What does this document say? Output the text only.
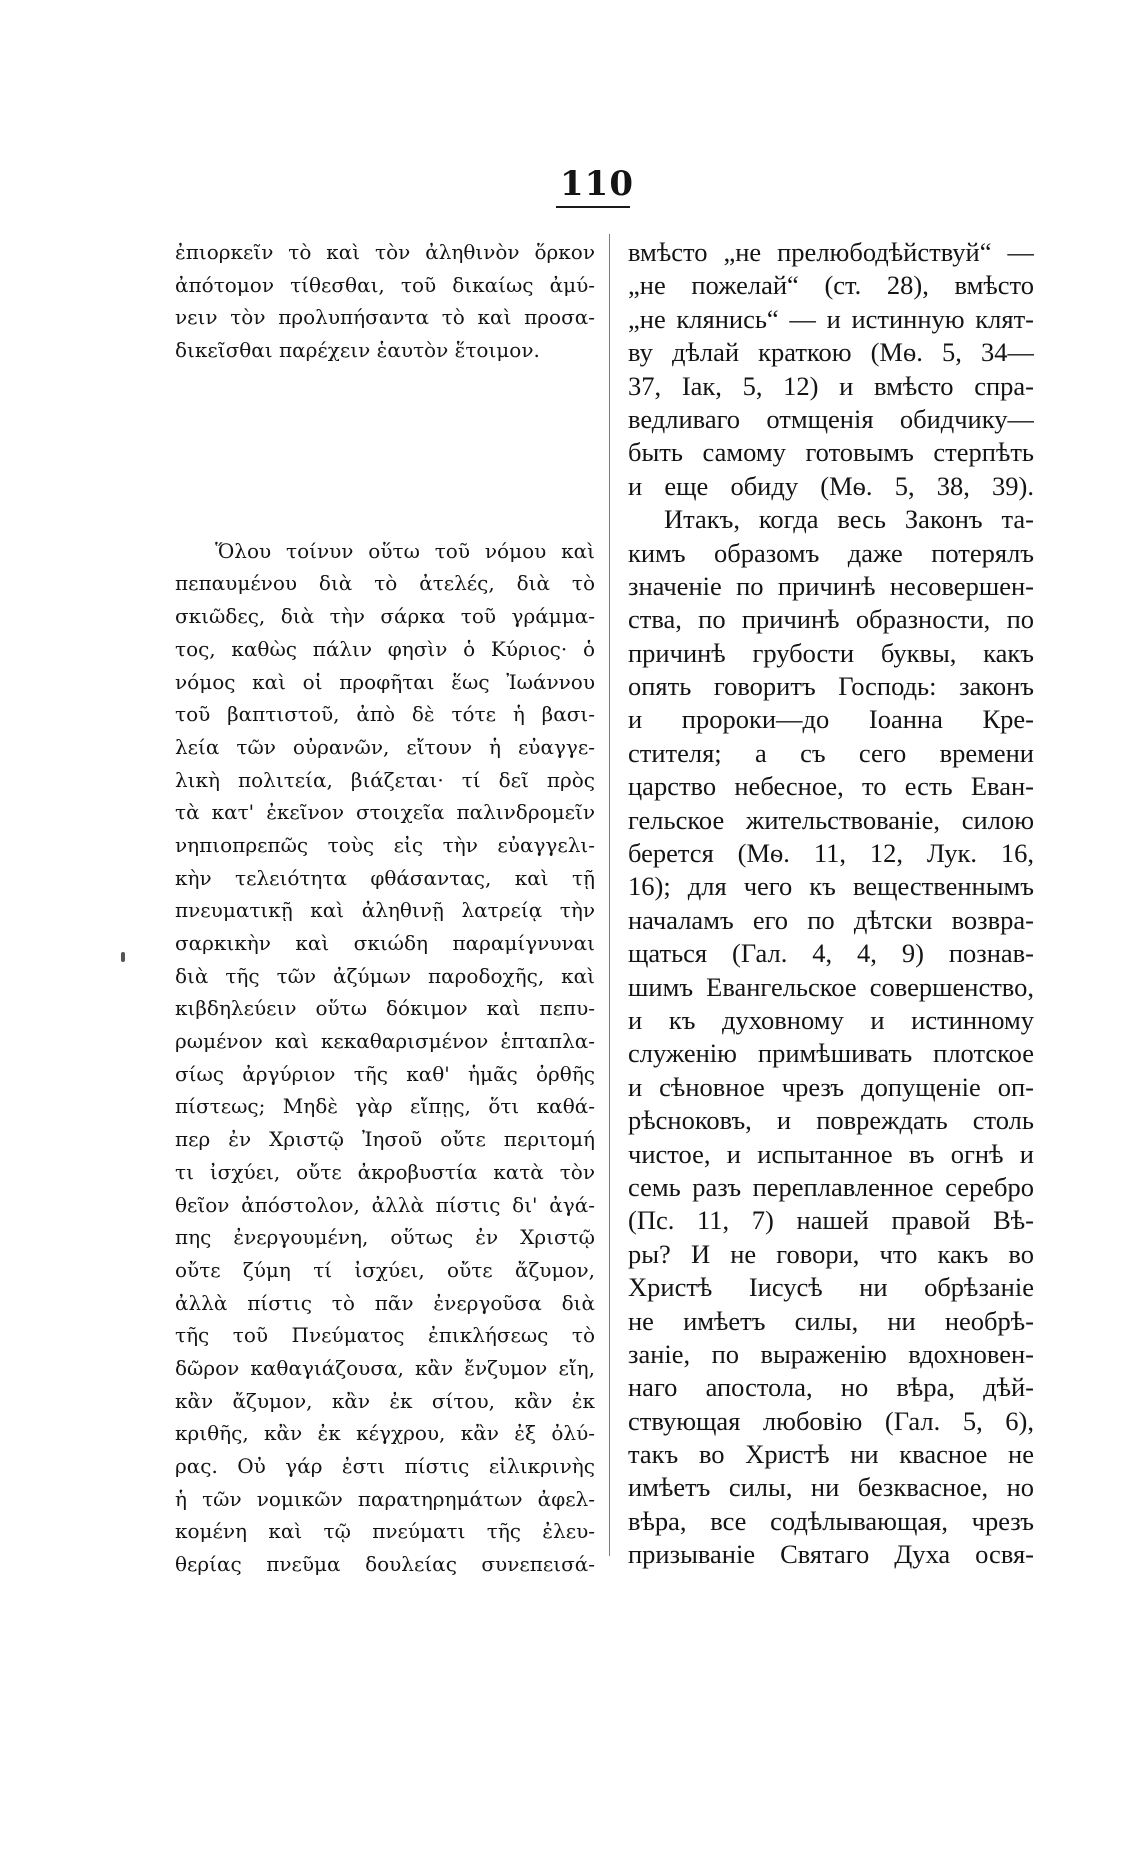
110
ἐπιορκεῖν τὸ καὶ τὸν ἀληθινὸν ὅρκον
ἀπότομον τίθεσθαι, τοῦ δικαίως ἀμύ-
νειν τὸν προλυπήσαντα τὸ καὶ προσα-
δικεῖσθαι παρέχειν ἑαυτὸν ἕτοιμον.
Ὅλου τοίνυν οὕτω τοῦ νόμου καὶ
πεπαυμένου διὰ τὸ ἀτελές, διὰ τὸ
σκιῶδες, διὰ τὴν σάρκα τοῦ γράμμα-
τος, καθὼς πάλιν φησὶν ὁ Κύριος· ὁ
νόμος καὶ οἱ προφῆται ἕως Ἰωάννου
τοῦ βαπτιστοῦ, ἀπὸ δὲ τότε ἡ βασι-
λεία τῶν οὐρανῶν, εἴτουν ἡ εὐαγγε-
λικὴ πολιτεία, βιάζεται· τί δεῖ πρὸς
τὰ κατ' ἐκεῖνον στοιχεῖα παλινδρομεῖν
νηπιοπρεπῶς τοὺς εἰς τὴν εὐαγγελι-
κὴν τελειότητα φθάσαντας, καὶ τῇ
πνευματικῇ καὶ ἀληθινῇ λατρείᾳ τὴν
σαρκικὴν καὶ σκιώδη παραμίγνυναι
διὰ τῆς τῶν ἀζύμων παροδοχῆς, καὶ
κιβδηλεύειν οὕτω δόκιμον καὶ πεπυ-
ρωμένον καὶ κεκαθαρισμένον ἑπταπλα-
σίως ἀργύριον τῆς καθ' ἡμᾶς ὀρθῆς
πίστεως; Μηδὲ γὰρ εἴπῃς, ὅτι καθά-
περ ἐν Χριστῷ Ἰησοῦ οὔτε περιτομή
τι ἰσχύει, οὔτε ἀκροβυστία κατὰ τὸν
θεῖον ἀπόστολον, ἀλλὰ πίστις δι' ἀγά-
πης ἐνεργουμένη, οὕτως ἐν Χριστῷ
οὔτε ζύμη τί ἰσχύει, οὔτε ἄζυμον,
ἀλλὰ πίστις τὸ πᾶν ἐνεργοῦσα διὰ
τῆς τοῦ Πνεύματος ἐπικλήσεως τὸ
δῶρον καθαγιάζουσα, κἂν ἔνζυμον εἴη,
κἂν ἄζυμον, κἂν ἐκ σίτου, κἂν ἐκ
κριθῆς, κἂν ἐκ κέγχρου, κἂν ἐξ ὀλύ-
ρας. Οὐ γάρ ἐστι πίστις εἰλικρινὴς
ἡ τῶν νομικῶν παρατηρημάτων ἀφελ-
κομένη καὶ τῷ πνεύματι τῆς ἐλευ-
θερίας πνεῦμα δουλείας συνεπεισά-
вмѣсто „не прелюбодѣйствуй“ —
„не пожелай“ (ст. 28), вмѣсто
„не клянись“ — и истинную клят-
ву дѣлай краткою (Мѳ. 5, 34—
37, Іак, 5, 12) и вмѣсто спра-
ведливаго отмщенія обидчику—
быть самому готовымъ стерпѣть
и еще обиду (Мѳ. 5, 38, 39).
Итакъ, когда весь Законъ та-
кимъ образомъ даже потерялъ
значеніе по причинѣ несовершен-
ства, по причинѣ образности, по
причинѣ грубости буквы, какъ
опять говоритъ Господь: законъ
и пророки—до Іоанна Кре-
стителя; а съ сего времени
царство небесное, то есть Еван-
гельское жительствованіе, силою
берется (Мѳ. 11, 12, Лук. 16,
16); для чего къ вещественнымъ
началамъ его по дѣтски возвра-
щаться (Гал. 4, 4, 9) познав-
шимъ Евангельское совершенство,
и къ духовному и истинному
служенію примѣшивать плотское
и сѣновное чрезъ допущеніе оп-
рѣсноковъ, и повреждать столь
чистое, и испытанное въ огнѣ и
семь разъ переплавленное серебро
(Пс. 11, 7) нашей правой Вѣ-
ры? И не говори, что какъ во
Христѣ Іисусѣ ни обрѣзаніе
не имѣетъ силы, ни необрѣ-
заніе, по выраженію вдохновен-
наго апостола, но вѣра, дѣй-
ствующая любовію (Гал. 5, 6),
такъ во Христѣ ни квасное не
имѣетъ силы, ни безквасное, но
вѣра, все содѣлывающая, чрезъ
призываніе Святаго Духа освя-
